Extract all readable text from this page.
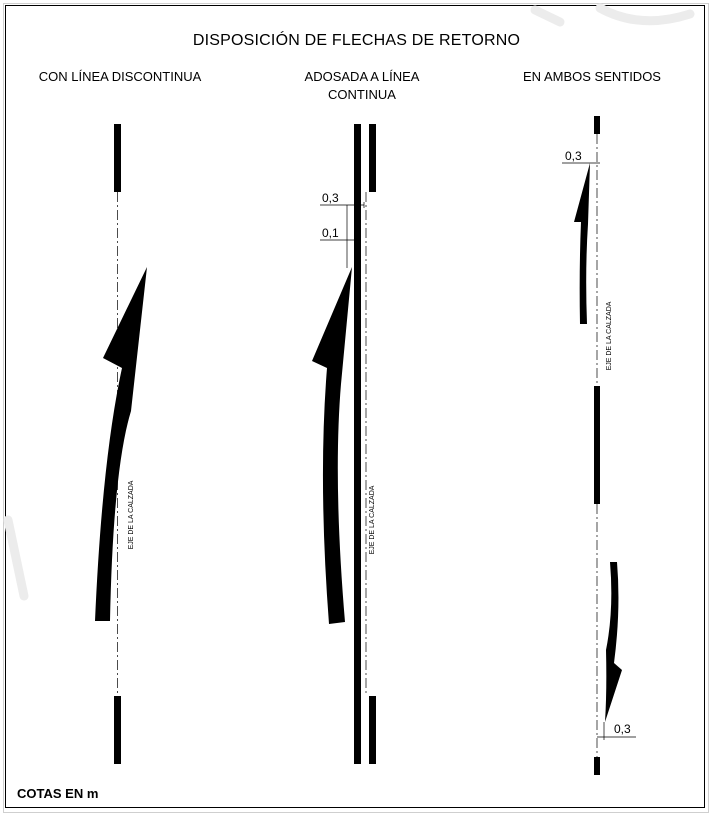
DISPOSICIÓN DE FLECHAS DE RETORNO
CON LÍNEA DISCONTINUA	ADOSADA A LÍNEA
CONTINUA
EN AMBOS SENTIDOS
EJE DE LA CALZADA
0,3
0,1
EJE DE LA CALZADA
0,3
0,3
EJE DE LA CALZADA
COTAS EN m
